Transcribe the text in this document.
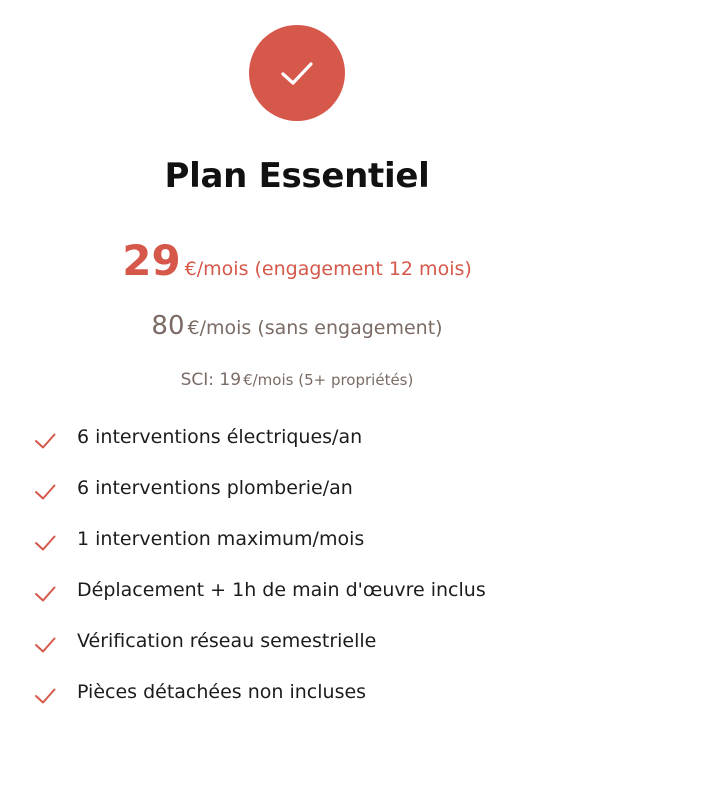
Plan Essentiel
29 €/mois (engagement 12 mois)
80 €/mois (sans engagement)
SCI: 19 €/mois (5+ propriétés)
6 interventions électriques/an
6 interventions plomberie/an
1 intervention maximum/mois
Déplacement + 1h de main d'œuvre inclus
Vérification réseau semestrielle
Pièces détachées non incluses
